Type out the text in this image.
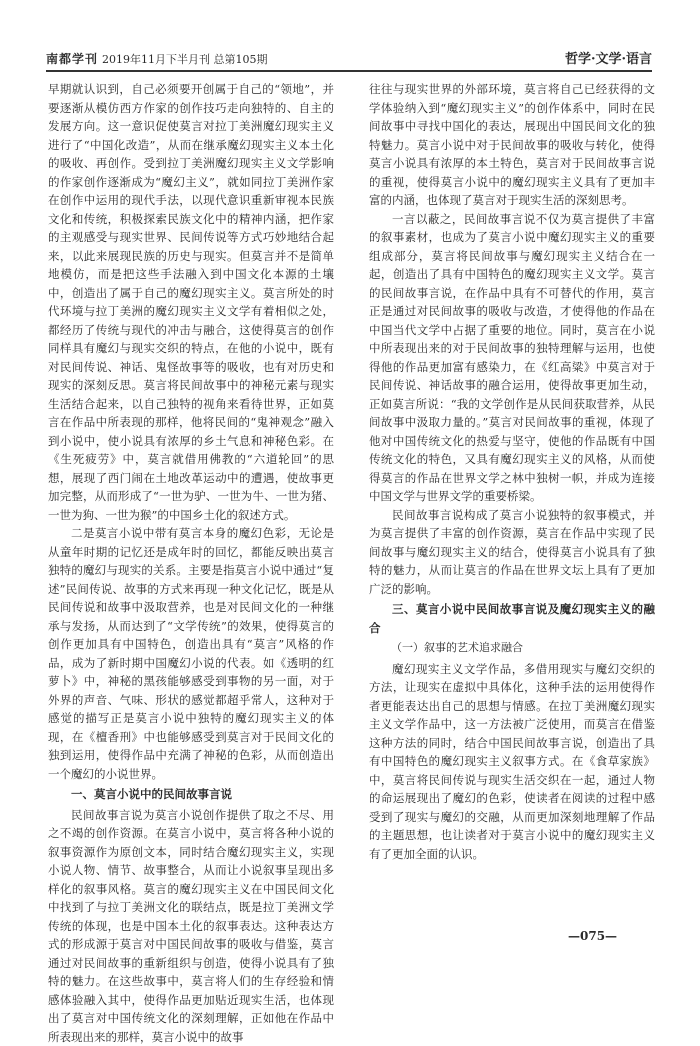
南都学刊 2019年11月下半月刊 总第105期	哲学·文学·语言

早期就认识到，自己必须要开创属于自己的“领地”，并要逐渐从模仿西方作家的创作技巧走向独特的、自主的发展方向。这一意识促使莫言对拉丁美洲魔幻现实主义进行了“中国化改造”，从而在继承魔幻现实主义本土化的吸收、再创作。受到拉丁美洲魔幻现实主义文学影响的作家创作逐渐成为“魔幻主义”，就如同拉丁美洲作家在创作中运用的现代手法，以现代意识重新审视本民族文化和传统，积极探索民族文化中的精神内涵，把作家的主观感受与现实世界、民间传说等方式巧妙地结合起来，以此来展现民族的历史与现实。但莫言并不是简单地模仿，而是把这些手法融入到中国文化本源的土壤中，创造出了属于自己的魔幻现实主义。莫言所处的时代环境与拉丁美洲的魔幻现实主义文学有着相似之处，都经历了传统与现代的冲击与融合，这使得莫言的创作同样具有魔幻与现实交织的特点，在他的小说中，既有对民间传说、神话、鬼怪故事等的吸收，也有对历史和现实的深刻反思。莫言将民间故事中的神秘元素与现实生活结合起来，以自己独特的视角来看待世界，正如莫言在作品中所表现的那样，他将民间的“鬼神观念”融入到小说中，使小说具有浓厚的乡土气息和神秘色彩。在《生死疲劳》中，莫言就借用佛教的“六道轮回”的思想，展现了西门闹在土地改革运动中的遭遇，使故事更加完整，从而形成了“一世为驴、一世为牛、一世为猪、一世为狗、一世为猴”的中国乡土化的叙述方式。

二是莫言小说中带有莫言本身的魔幻色彩，无论是从童年时期的记忆还是成年时的回忆，都能反映出莫言独特的魔幻与现实的关系。主要是指莫言小说中通过“复述”民间传说、故事的方式来再现一种文化记忆，既是从民间传说和故事中汲取营养，也是对民间文化的一种继承与发扬，从而达到了“文学传统”的效果，使得莫言的创作更加具有中国特色，创造出具有“莫言”风格的作品，成为了新时期中国魔幻小说的代表。如《透明的红萝卜》中，神秘的黑孩能够感受到事物的另一面，对于外界的声音、气味、形状的感觉都超乎常人，这种对于感觉的描写正是莫言小说中独特的魔幻现实主义的体现，在《檀香刑》中也能够感受到莫言对于民间文化的独到运用，使得作品中充满了神秘的色彩，从而创造出一个魔幻的小说世界。

一、莫言小说中的民间故事言说

民间故事言说为莫言小说创作提供了取之不尽、用之不竭的创作资源。在莫言小说中，莫言将各种小说的叙事资源作为原创文本，同时结合魔幻现实主义，实现小说人物、情节、故事整合，从而让小说叙事呈现出多样化的叙事风格。莫言的魔幻现实主义在中国民间文化中找到了与拉丁美洲文化的联结点，既是拉丁美洲文学传统的体现，也是中国本土化的叙事表达。这种表达方式的形成源于莫言对中国民间故事的吸收与借鉴，莫言通过对民间故事的重新组织与创造，使得小说具有了独特的魅力。在这些故事中，莫言将人们的生存经验和情感体验融入其中，使得作品更加贴近现实生活，也体现出了莫言对中国传统文化的深刻理解，正如他在作品中所表现出来的那样，莫言小说中的故事

往往与现实世界的外部环境，莫言将自己已经获得的文学体验纳入到“魔幻现实主义”的创作体系中，同时在民间故事中寻找中国化的表达，展现出中国民间文化的独特魅力。莫言小说中对于民间故事的吸收与转化，使得莫言小说具有浓厚的本土特色，莫言对于民间故事言说的重视，使得莫言小说中的魔幻现实主义具有了更加丰富的内涵，也体现了莫言对于现实生活的深刻思考。

一言以蔽之，民间故事言说不仅为莫言提供了丰富的叙事素材，也成为了莫言小说中魔幻现实主义的重要组成部分，莫言将民间故事与魔幻现实主义结合在一起，创造出了具有中国特色的魔幻现实主义文学。莫言的民间故事言说，在作品中具有不可替代的作用，莫言正是通过对民间故事的吸收与改造，才使得他的作品在中国当代文学中占据了重要的地位。同时，莫言在小说中所表现出来的对于民间故事的独特理解与运用，也使得他的作品更加富有感染力，在《红高粱》中莫言对于民间传说、神话故事的融合运用，使得故事更加生动，正如莫言所说：“我的文学创作是从民间获取营养，从民间故事中汲取力量的。”莫言对民间故事的重视，体现了他对中国传统文化的热爱与坚守，使他的作品既有中国传统文化的特色，又具有魔幻现实主义的风格，从而使得莫言的作品在世界文学之林中独树一帜，并成为连接中国文学与世界文学的重要桥梁。

民间故事言说构成了莫言小说独特的叙事模式，并为莫言提供了丰富的创作资源，莫言在作品中实现了民间故事与魔幻现实主义的结合，使得莫言小说具有了独特的魅力，从而让莫言的作品在世界文坛上具有了更加广泛的影响。

三、莫言小说中民间故事言说及魔幻现实主义的融合
（一）叙事的艺术追求融合

魔幻现实主义文学作品，多借用现实与魔幻交织的方法，让现实在虚拟中具体化，这种手法的运用使得作者更能表达出自己的思想与情感。在拉丁美洲魔幻现实主义文学作品中，这一方法被广泛使用，而莫言在借鉴这种方法的同时，结合中国民间故事言说，创造出了具有中国特色的魔幻现实主义叙事方式。在《食草家族》中，莫言将民间传说与现实生活交织在一起，通过人物的命运展现出了魔幻的色彩，使读者在阅读的过程中感受到了现实与魔幻的交融，从而更加深刻地理解了作品的主题思想，也让读者对于莫言小说中的魔幻现实主义有了更加全面的认识。

—075—
